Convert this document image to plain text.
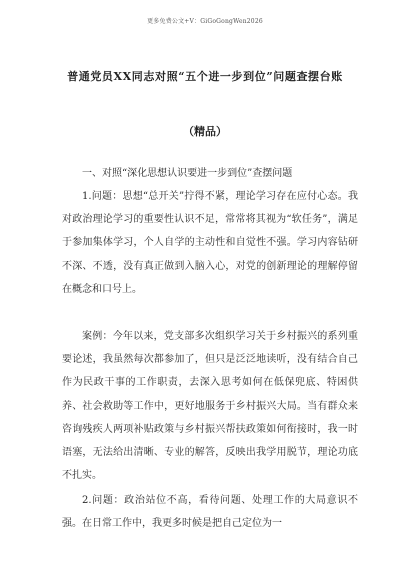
更多免费公文+V：GiGoGongWen2026
普通党员XX同志对照“五个进一步到位”问题查摆台账
（精品）

一、对照“深化思想认识要进一步到位”查摆问题

1.问题：思想“总开关”拧得不紧，理论学习存在应付心态。我对政治理论学习的重要性认识不足，常常将其视为“软任务”，满足于参加集体学习，个人自学的主动性和自觉性不强。学习内容钻研不深、不透，没有真正做到入脑入心，对党的创新理论的理解停留在概念和口号上。

案例：今年以来，党支部多次组织学习关于乡村振兴的系列重要论述，我虽然每次都参加了，但只是泛泛地读听，没有结合自己作为民政干事的工作职责，去深入思考如何在低保兜底、特困供养、社会救助等工作中，更好地服务于乡村振兴大局。当有群众来咨询残疾人两项补贴政策与乡村振兴帮扶政策如何衔接时，我一时语塞，无法给出清晰、专业的解答，反映出我学用脱节，理论功底不扎实。

2.问题：政治站位不高，看待问题、处理工作的大局意识不强。在日常工作中，我更多时候是把自己定位为一
